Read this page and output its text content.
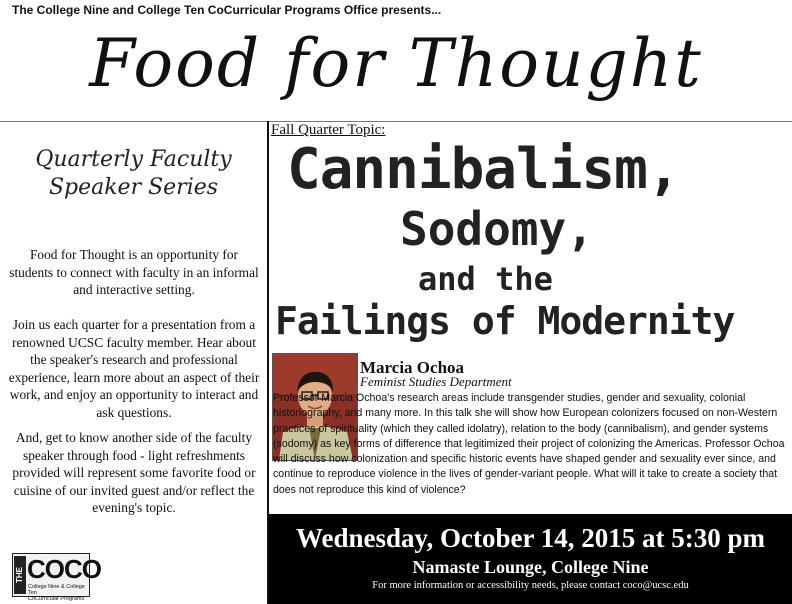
The College Nine and College Ten CoCurricular Programs Office presents...
Food for Thought
Quarterly Faculty
Speaker Series
Food for Thought is an opportunity for students to connect with faculty in an informal and interactive setting.
Join us each quarter for a presentation from a renowned UCSC faculty member. Hear about the speaker's research and professional experience, learn more about an aspect of their work, and enjoy an opportunity to interact and ask questions.
And, get to know another side of the faculty speaker through food - light refreshments provided will represent some favorite food or cuisine of our invited guest and/or reflect the evening's topic.
THE COCO
College Nine & College Ten
CoCurricular Programs
Fall Quarter Topic:
Cannibalism,
Sodomy,
and the
Failings of Modernity
Marcia Ochoa
Feminist Studies Department
Professor Marcia Ochoa's research areas include transgender studies, gender and sexuality, colonial historiography, and many more. In this talk she will show how European colonizers focused on non-Western practices of spirituality (which they called idolatry), relation to the body (cannibalism), and gender systems (sodomy) as key forms of difference that legitimized their project of colonizing the Americas. Professor Ochoa will discuss how colonization and specific historic events have shaped gender and sexuality ever since, and continue to reproduce violence in the lives of gender-variant people. What will it take to create a society that does not reproduce this kind of violence?
Wednesday, October 14, 2015 at 5:30 pm
Namaste Lounge, College Nine
For more information or accessibility needs, please contact coco@ucsc.edu
